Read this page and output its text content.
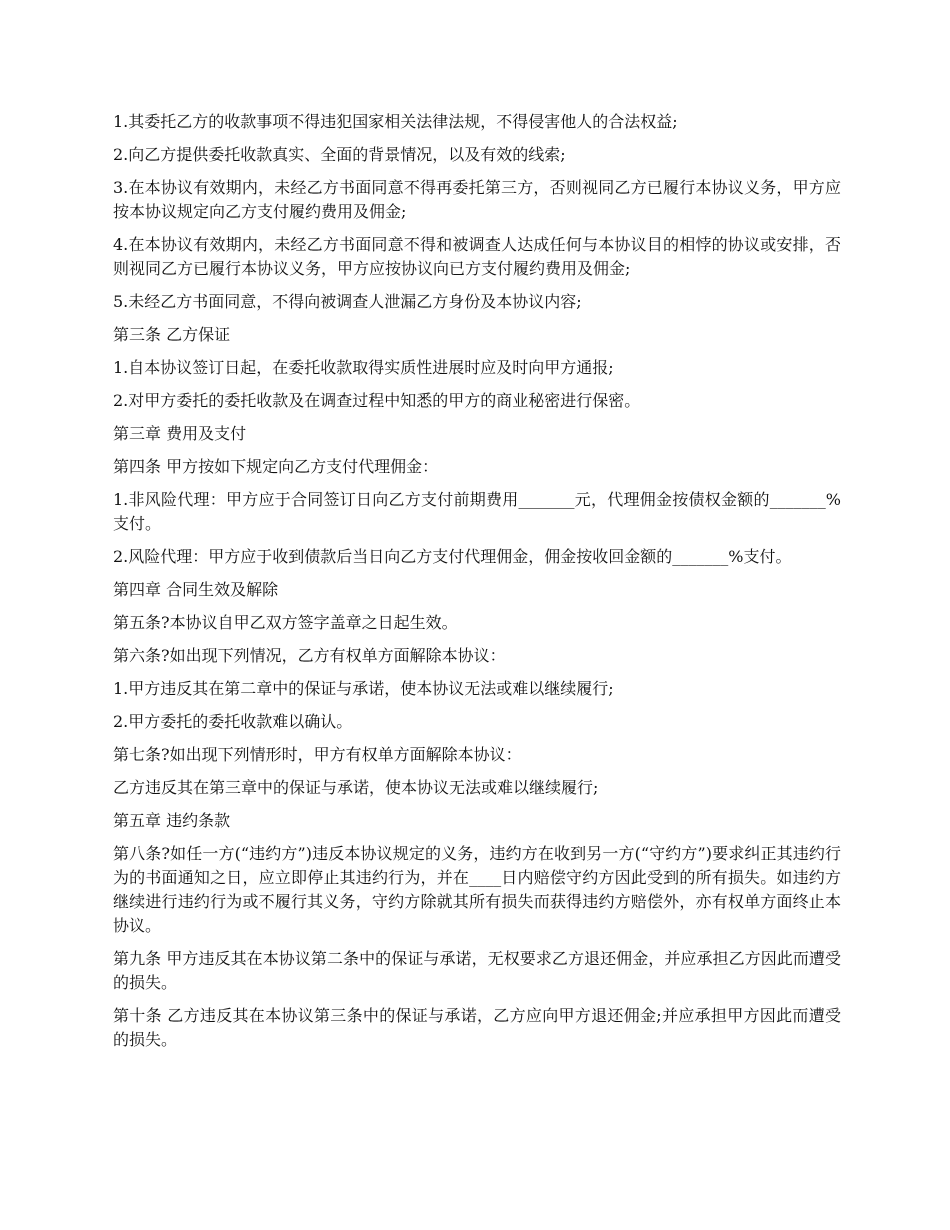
1.其委托乙方的收款事项不得违犯国家相关法律法规，不得侵害他人的合法权益;

2.向乙方提供委托收款真实、全面的背景情况，以及有效的线索;

3.在本协议有效期内，未经乙方书面同意不得再委托第三方，否则视同乙方已履行本协议义务，甲方应按本协议规定向乙方支付履约费用及佣金;

4.在本协议有效期内，未经乙方书面同意不得和被调查人达成任何与本协议目的相悖的协议或安排，否则视同乙方已履行本协议义务，甲方应按协议向已方支付履约费用及佣金;

5.未经乙方书面同意，不得向被调查人泄漏乙方身份及本协议内容;

第三条 乙方保证

1.自本协议签订日起，在委托收款取得实质性进展时应及时向甲方通报;

2.对甲方委托的委托收款及在调查过程中知悉的甲方的商业秘密进行保密。

第三章 费用及支付

第四条 甲方按如下规定向乙方支付代理佣金：

1.非风险代理：甲方应于合同签订日向乙方支付前期费用_______元，代理佣金按债权金额的_______%支付。

2.风险代理：甲方应于收到债款后当日向乙方支付代理佣金，佣金按收回金额的_______%支付。

第四章 合同生效及解除

第五条?本协议自甲乙双方签字盖章之日起生效。

第六条?如出现下列情况，乙方有权单方面解除本协议：

1.甲方违反其在第二章中的保证与承诺，使本协议无法或难以继续履行;

2.甲方委托的委托收款难以确认。

第七条?如出现下列情形时，甲方有权单方面解除本协议：

乙方违反其在第三章中的保证与承诺，使本协议无法或难以继续履行;

第五章 违约条款

第八条?如任一方(“违约方”)违反本协议规定的义务，违约方在收到另一方(“守约方”)要求纠正其违约行为的书面通知之日，应立即停止其违约行为，并在____日内赔偿守约方因此受到的所有损失。如违约方继续进行违约行为或不履行其义务，守约方除就其所有损失而获得违约方赔偿外，亦有权单方面终止本协议。

第九条 甲方违反其在本协议第二条中的保证与承诺，无权要求乙方退还佣金，并应承担乙方因此而遭受的损失。

第十条 乙方违反其在本协议第三条中的保证与承诺，乙方应向甲方退还佣金;并应承担甲方因此而遭受的损失。
